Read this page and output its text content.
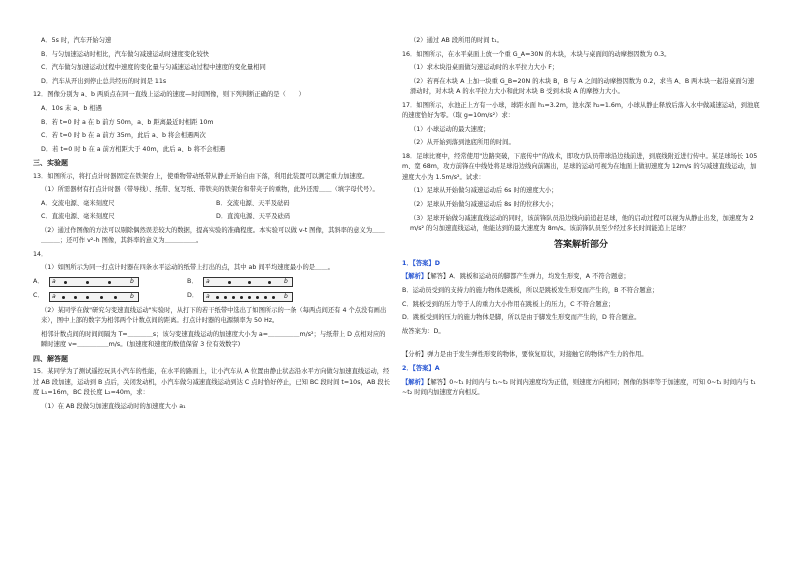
A．5s 时，汽车开始匀速

B．与匀加速运动时相比，汽车做匀减速运动时速度变化较快

C．汽车做匀加速运动过程中速度的变化量与匀减速运动过程中速度的变化量相同

D．汽车从开出到停止总共经历的时间是 11s

12．图像分别为 a、b 两质点在同一直线上运动的速度—时间图像，则下列判断正确的是（　　）

A．10s 末 a、b 相遇

B．若 t=0 时 a 在 b 前方 50m，a、b 距离最近时相距 10m

C．若 t=0 时 b 在 a 前方 35m，此后 a、b 将会相遇两次

D．若 t=0 时 b 在 a 前方相距大于 40m，此后 a、b 将不会相遇

三、实验题

13．如图所示，将打点计时器固定在铁架台上，使重物带动纸带从静止开始自由下落，利用此装置可以测定重力加速度。

（1）所需器材有打点计时器（带导线）、纸带、复写纸、带铁夹的铁架台和带夹子的重物，此外还需＿＿（填字母代号）。

A．交流电源、毫米刻度尺	B．交流电源、天平及砝码
C．直流电源、毫米刻度尺	D．直流电源、天平及砝码

（2）通过作图像的方法可以剔除偶然误差较大的数据，提高实验的准确程度。本实验可以做 v-t 图像，其斜率的意义为＿＿＿＿＿；还可作 v²-h 图像，其斜率的意义为＿＿＿＿＿。

14．

（1）如图所示为同一打点计时器在四条水平运动的纸带上打出的点，其中 ab 间平均速度最小的是＿＿。

A．	a	b	B．	a	b
C．	a	b	D．	a	b

（2）某同学在做"研究匀变速直线运动"实验时，从打下的若干纸带中选出了如图所示的一条（每两点间还有 4 个点没有画出来），图中上部的数字为相邻两个计数点间的距离。打点计时器的电源频率为 50 Hz。

相邻计数点间的时间间隔为 T=＿＿＿＿s；该匀变速直线运动的加速度大小为 a=＿＿＿＿＿m/s²；与纸带上 D 点相对应的瞬时速度 v=＿＿＿＿＿m/s。(加速度和速度的数值保留 3 位有效数字)

四、解答题

15．某同学为了测试遥控玩具小汽车的性能，在水平的路面上，让小汽车从 A 位置由静止状态沿水平方向做匀加速直线运动，经过 AB 段加速，运动到 B 点后，关闭发动机，小汽车做匀减速直线运动到达 C 点时恰好停止，已知 BC 段时间 t=10s，AB 段长度 L₁=16m，BC 段长度 L₂=40m，求：

（1）在 AB 段做匀加速直线运动时的加速度大小 a₁

（2）通过 AB 段所用的时间 t₁。

16．如图所示，在水平桌面上放一个重 G_A=30N 的木块，木块与桌面间的动摩擦因数为 0.3。

（1）求木块沿桌面做匀速运动时的水平拉力大小 F；

（2）若再在木块 A 上加一块重 G_B=20N 的木块 B，B 与 A 之间的动摩擦因数为 0.2，求当 A、B 两木块一起沿桌面匀速滑动时，对木块 A 的水平拉力大小和此时木块 B 受到木块 A 的摩擦力大小。

17．如图所示，水池正上方有一小球，球距水面 h₁=3.2m，池水深 h₂=1.6m，小球从静止释放后落入水中做减速运动，到池底的速度恰好为零。（取 g=10m/s²）求：

（1）小球运动的最大速度；

（2）从开始到落到池底所用的时间。

18．足球比赛中，经常使用"边路突破，下底传中"的战术，即攻方队员带球沿边线前进，到底线附近进行传中。某足球场长 105m、宽 68m，攻方前锋在中线处将足球沿边线向前踢出，足球的运动可视为在地面上做初速度为 12m/s 的匀减速直线运动，加速度大小为 1.5m/s²。试求：

（1）足球从开始做匀减速运动后 6s 时的速度大小；

（2）足球从开始做匀减速运动后 8s 时的位移大小；

（3）足球开始做匀减速直线运动的同时，该前锋队员沿边线向前追赶足球，他的启动过程可以视为从静止出发，加速度为 2m/s² 的匀加速直线运动，他能达到的最大速度为 8m/s。该前锋队员至少经过多长时间能追上足球？

答案解析部分

1．【答案】D

【解析】【解答】A．跳板和运动员的脚都产生弹力，均发生形变，A 不符合题意；

B．运动员受到的支持力的施力物体是跳板，所以是跳板发生形变而产生的，B 不符合题意；

C．跳板受到的压力等于人的重力大小作用在跳板上的压力，C 不符合题意；

D．跳板受到的压力的施力物体是脚，所以是由于脚发生形变而产生的，D 符合题意。

故答案为：D。

【分析】弹力是由于发生弹性形变的物体，要恢复原状，对接触它的物体产生力的作用。

2．【答案】A

【解析】【解答】0~t₁ 时间内与 t₁~t₂ 时间内速度均为正值，则速度方向相同；图像的斜率等于加速度，可知 0~t₁ 时间内与 t₁~t₂ 时间内加速度方向相反。
